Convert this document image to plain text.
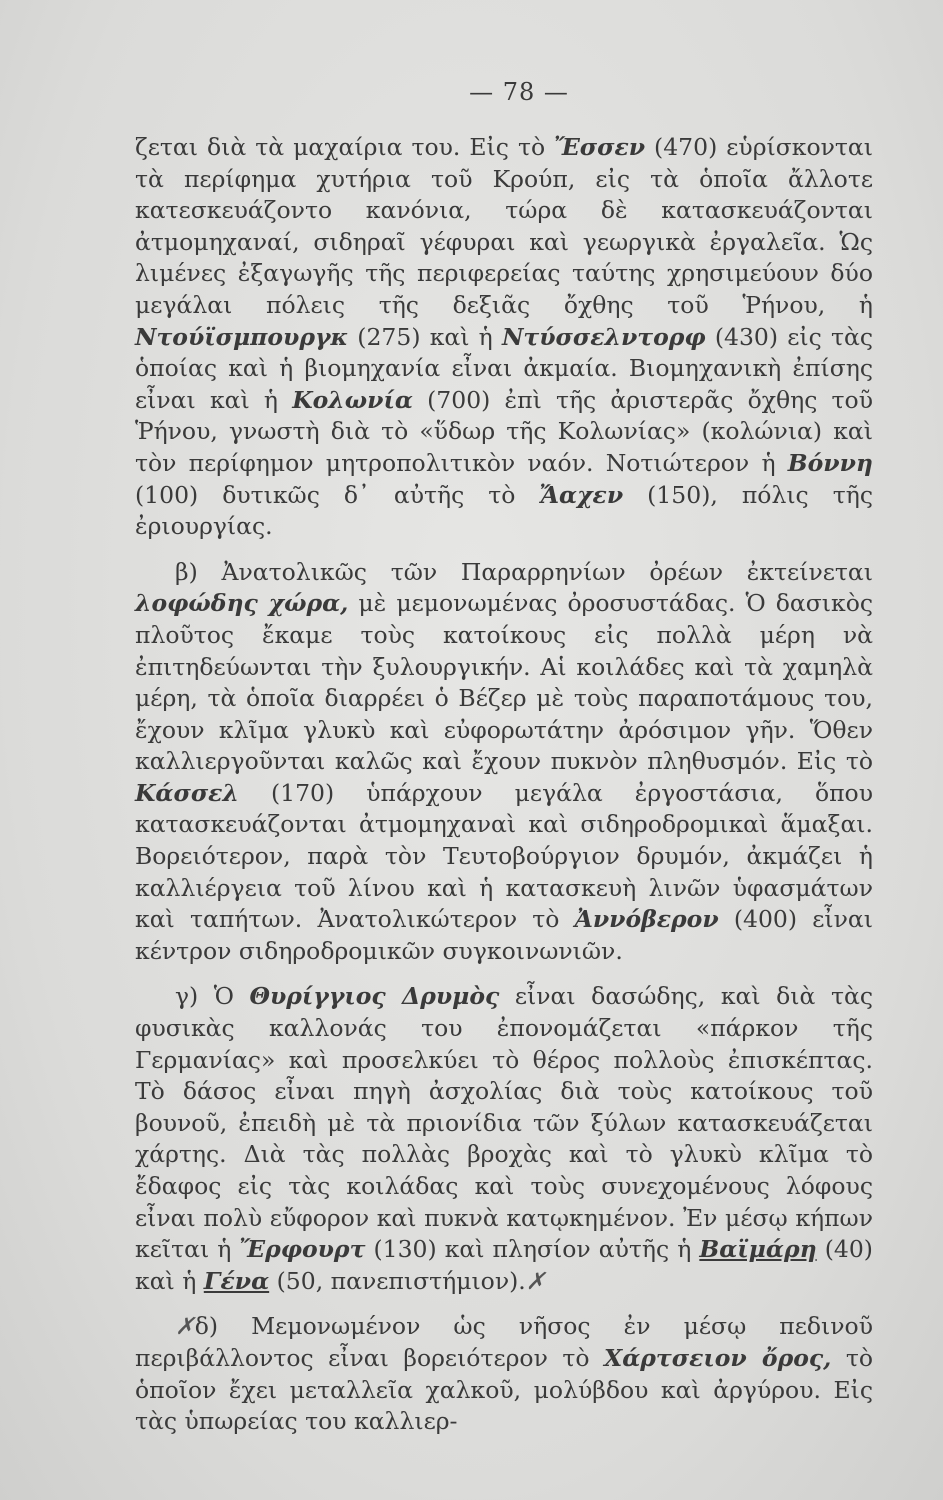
— 78 —

ζεται διὰ τὰ μαχαίρια του. Εἰς τὸ Ἔσσεν (470) εὑρίσκονται τὰ περίφημα χυτήρια τοῦ Κρούπ, εἰς τὰ ὁποῖα ἄλλοτε κατεσκευάζοντο κανόνια, τώρα δὲ κατασκευάζονται ἀτμομηχαναί, σιδηραῖ γέφυραι καὶ γεωργικὰ ἐργαλεῖα. Ὡς λιμένες ἐξαγωγῆς τῆς περιφερείας ταύτης χρησιμεύουν δύο μεγάλαι πόλεις τῆς δεξιᾶς ὄχθης τοῦ Ῥήνου, ἡ Ντούϊσμπουργκ (275) καὶ ἡ Ντύσσελντορφ (430) εἰς τὰς ὁποίας καὶ ἡ βιομηχανία εἶναι ἀκμαία. Βιομηχανικὴ ἐπίσης εἶναι καὶ ἡ Κολωνία (700) ἐπὶ τῆς ἀριστερᾶς ὄχθης τοῦ Ῥήνου, γνωστὴ διὰ τὸ «ὕδωρ τῆς Κολωνίας» (κολώνια) καὶ τὸν περίφημον μητροπολιτικὸν ναόν. Νοτιώτερον ἡ Βόννη (100) δυτικῶς δ᾽ αὐτῆς τὸ Ἄαχεν (150), πόλις τῆς ἐριουργίας.

β) Ἀνατολικῶς τῶν Παραρρηνίων ὀρέων ἐκτείνεται λοφώδης χώρα, μὲ μεμονωμένας ὀροσυστάδας. Ὁ δασικὸς πλοῦτος ἔκαμε τοὺς κατοίκους εἰς πολλὰ μέρη νὰ ἐπιτηδεύωνται τὴν ξυλουργικήν. Αἱ κοιλάδες καὶ τὰ χαμηλὰ μέρη, τὰ ὁποῖα διαρρέει ὁ Βέζερ μὲ τοὺς παραποτάμους του, ἔχουν κλῖμα γλυκὺ καὶ εὐφορωτάτην ἀρόσιμον γῆν. Ὅθεν καλλιεργοῦνται καλῶς καὶ ἔχουν πυκνὸν πληθυσμόν. Εἰς τὸ Κάσσελ (170) ὑπάρχουν μεγάλα ἐργοστάσια, ὅπου κατασκευάζονται ἀτμομηχαναὶ καὶ σιδηροδρομικαὶ ἅμαξαι. Βορειότερον, παρὰ τὸν Τευτοβούργιον δρυμόν, ἀκμάζει ἡ καλλιέργεια τοῦ λίνου καὶ ἡ κατασκευὴ λινῶν ὑφασμάτων καὶ ταπήτων. Ἀνατολικώτερον τὸ Ἀννόβερον (400) εἶναι κέντρον σιδηροδρομικῶν συγκοινωνιῶν.

γ) Ὁ Θυρίγγιος Δρυμὸς εἶναι δασώδης, καὶ διὰ τὰς φυσικὰς καλλονάς του ἐπονομάζεται «πάρκον τῆς Γερμανίας» καὶ προσελκύει τὸ θέρος πολλοὺς ἐπισκέπτας. Τὸ δάσος εἶναι πηγὴ ἀσχολίας διὰ τοὺς κατοίκους τοῦ βουνοῦ, ἐπειδὴ μὲ τὰ πριονίδια τῶν ξύλων κατασκευάζεται χάρτης. Διὰ τὰς πολλὰς βροχὰς καὶ τὸ γλυκὺ κλῖμα τὸ ἔδαφος εἰς τὰς κοιλάδας καὶ τοὺς συνεχομένους λόφους εἶναι πολὺ εὔφορον καὶ πυκνὰ κατῳκημένον. Ἐν μέσῳ κήπων κεῖται ἡ Ἔρφουρτ (130) καὶ πλησίον αὐτῆς ἡ Βαϊμάρη (40) καὶ ἡ Γένα (50, πανεπιστήμιον).✗

✗δ) Μεμονωμένον ὡς νῆσος ἐν μέσῳ πεδινοῦ περιβάλλοντος εἶναι βορειότερον τὸ Χάρτσειον ὄρος, τὸ ὁποῖον ἔχει μεταλλεῖα χαλκοῦ, μολύβδου καὶ ἀργύρου. Εἰς τὰς ὑπωρείας του καλλιερ-
